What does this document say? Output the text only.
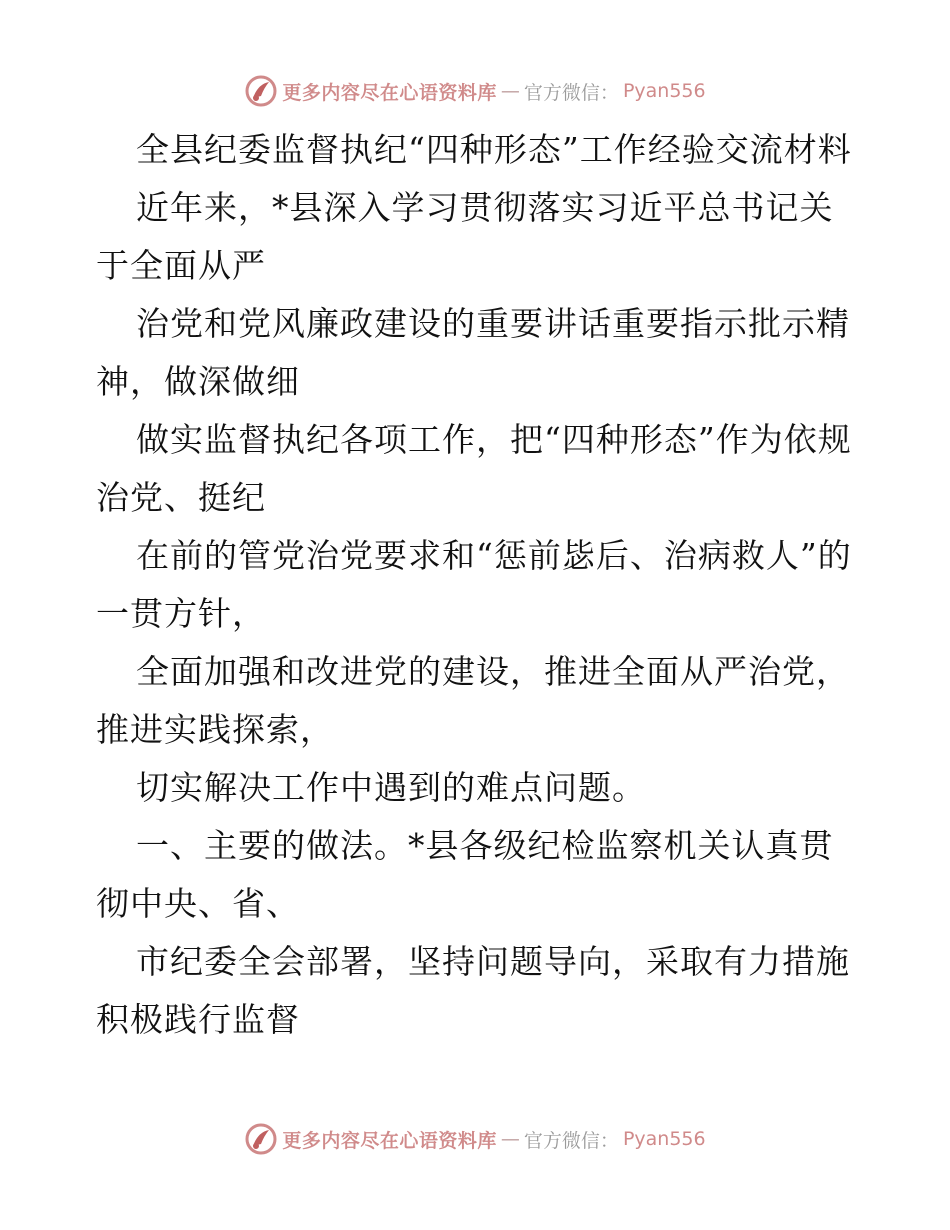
更多内容尽在心语资料库 — 官方微信： Pyan556

全县纪委监督执纪“四种形态”工作经验交流材料

近年来，*县深入学习贯彻落实习近平总书记关于全面从严

治党和党风廉政建设的重要讲话重要指示批示精神，做深做细

做实监督执纪各项工作，把“四种形态”作为依规治党、挺纪

在前的管党治党要求和“惩前毖后、治病救人”的一贯方针，

全面加强和改进党的建设，推进全面从严治党，推进实践探索，

切实解决工作中遇到的难点问题。

一、主要的做法。*县各级纪检监察机关认真贯彻中央、省、

市纪委全会部署，坚持问题导向，采取有力措施积极践行监督

更多内容尽在心语资料库 — 官方微信： Pyan556
